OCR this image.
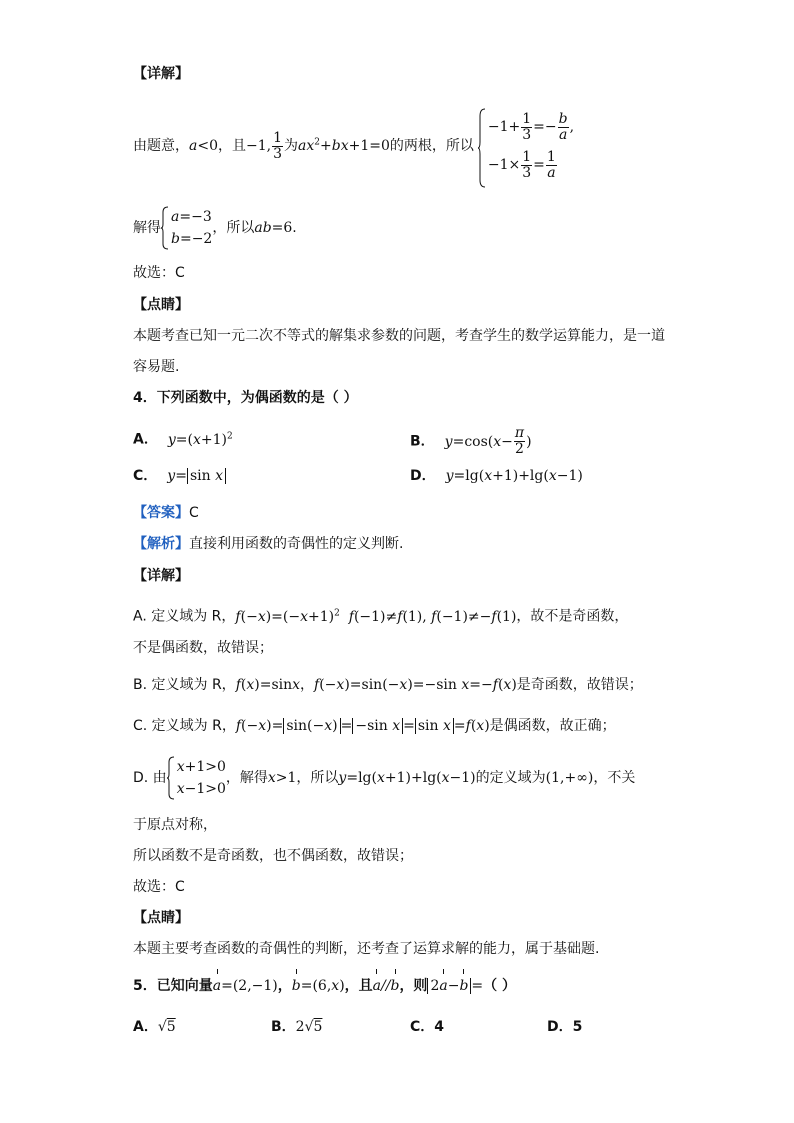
【详解】
由题意，a<0，且−1, $\frac{1}{3}$ 为$ax^2+bx+1=0$的两根，所以
$-1+ \frac{1}{3} =- \frac{b}{a}$ ,
$-1\times \frac{1}{3} = \frac{1}{a}$
解得
a=−3
b=−2
，所以ab=6.
故选：C
【点睛】
本题考查已知一元二次不等式的解集求参数的问题，考查学生的数学运算能力，是一道
容易题.
4．下列函数中，为偶函数的是（ ）
A． $y=(x+1)^2$	B． $y=\cos(x- \frac{\pi}{2}$ )
C． y= sin x	D． y=lg(x+1)+lg(x−1)
【答案】C
【解析】直接利用函数的奇偶性的定义判断.
【详解】
A. 定义域为 R，$f(-x)=(-x+1)^2$ f(−1)≠f(1), f(−1)≠−f(1)，故不是奇函数，
不是偶函数，故错误；
B. 定义域为 R，f(x)=sinx，f(−x)=sin(−x)=−sin x=−f(x)是奇函数，故错误；
C. 定义域为 R，f(−x)= sin(−x) = −sin x = sin x =f(x)是偶函数，故正确；
D. 由
x+1>0
x−1>0
，解得x>1，所以y=lg(x+1)+lg(x−1)的定义域为(1,+∞)，不关
于原点对称，
所以函数不是奇函数，也不偶函数，故错误；
故选：C
【点睛】
本题主要考查函数的奇偶性的判断，还考查了运算求解的能力，属于基础题.
5．已知向量a=(2,−1)，b=(6,x)，且a//b，则 2a−b =（ ）
A．√5	B．2√5	C．4	D．5
